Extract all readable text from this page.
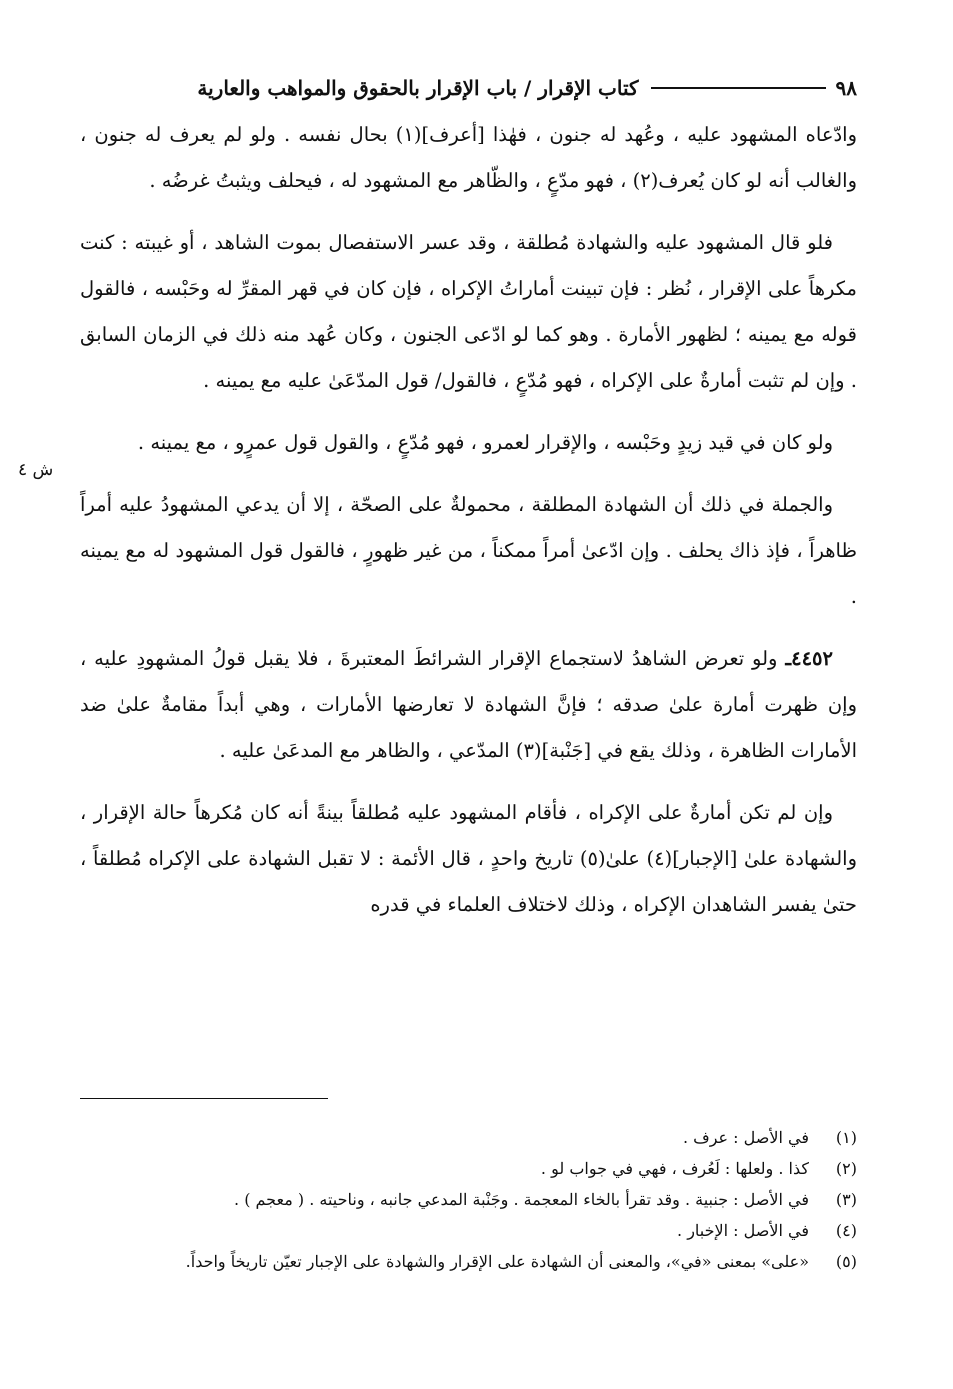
٩٨
كتاب الإقرار / باب الإقرار بالحقوق والمواهب والعارية

وادّعاه المشهود عليه ، وعُهد له جنون ، فهٰذا [أعرف](١) بحال نفسه . ولو لم يعرف له جنون ، والغالب أنه لو كان يُعرف(٢) ، فهو مدّعٍ ، والظّاهر مع المشهود له ، فيحلف ويثبتُ غرضُه .

فلو قال المشهود عليه والشهادة مُطلقة ، وقد عسر الاستفصال بموت الشاهد ، أو غيبته : كنت مكرهاً على الإقرار ، نُظر : فإن تبينت أماراتُ الإكراه ، فإن كان في قهر المقرِّ له وحَبْسه ، فالقول قوله مع يمينه ؛ لظهور الأمارة . وهو كما لو ادّعى الجنون ، وكان عُهد منه ذلك في الزمان السابق . وإن لم تثبت أمارةٌ على الإكراه ، فهو مُدّعٍ ، فالقول/ قول المدّعَىٰ عليه مع يمينه .

ولو كان في قيد زيدٍ وحَبْسه ، والإقرار لعمرو ، فهو مُدّعٍ ، والقول قول عمرٍو ، مع يمينه .

والجملة في ذلك أن الشهادة المطلقة ، محمولةٌ على الصحّة ، إلا أن يدعي المشهودُ عليه أمراً ظاهراً ، فإذ ذاك يحلف . وإن ادّعىٰ أمراً ممكناً ، من غير ظهورٍ ، فالقول قول المشهود له مع يمينه .

٤٤٥٢ـ ولو تعرض الشاهدُ لاستجماع الإقرار الشرائطَ المعتبرةَ ، فلا يقبل قولُ المشهودِ عليه ، وإن ظهرت أمارة علىٰ صدقه ؛ فإنَّ الشهادة لا تعارضها الأمارات ، وهي أبداً مقامةٌ علىٰ ضد الأمارات الظاهرة ، وذلك يقع في [جَنْبة](٣) المدّعي ، والظاهر مع المدعَىٰ عليه .

وإن لم تكن أمارةٌ على الإكراه ، فأقام المشهود عليه مُطلقاً بينةً أنه كان مُكرهاً حالة الإقرار ، والشهادة علىٰ [الإجبار](٤) علىٰ(٥) تاريخ واحدٍ ، قال الأئمة : لا تقبل الشهادة على الإكراه مُطلقاً ، حتىٰ يفسر الشاهدان الإكراه ، وذلك لاختلاف العلماء في قدره

ش ٤
(١)
في الأصل : عرف .
(٢)
كذا . ولعلها : لَعُرف ، فهي في جواب لو .
(٣)
في الأصل : جنبية . وقد تقرأ بالخاء المعجمة . وجَنْبة المدعي جانبه ، وناحيته . ( معجم ) .
(٤)
في الأصل : الإخبار .
(٥)
«على» بمعنى «في»، والمعنى أن الشهادة على الإقرار والشهادة على الإجبار تعيّن تاريخاً واحداً.
